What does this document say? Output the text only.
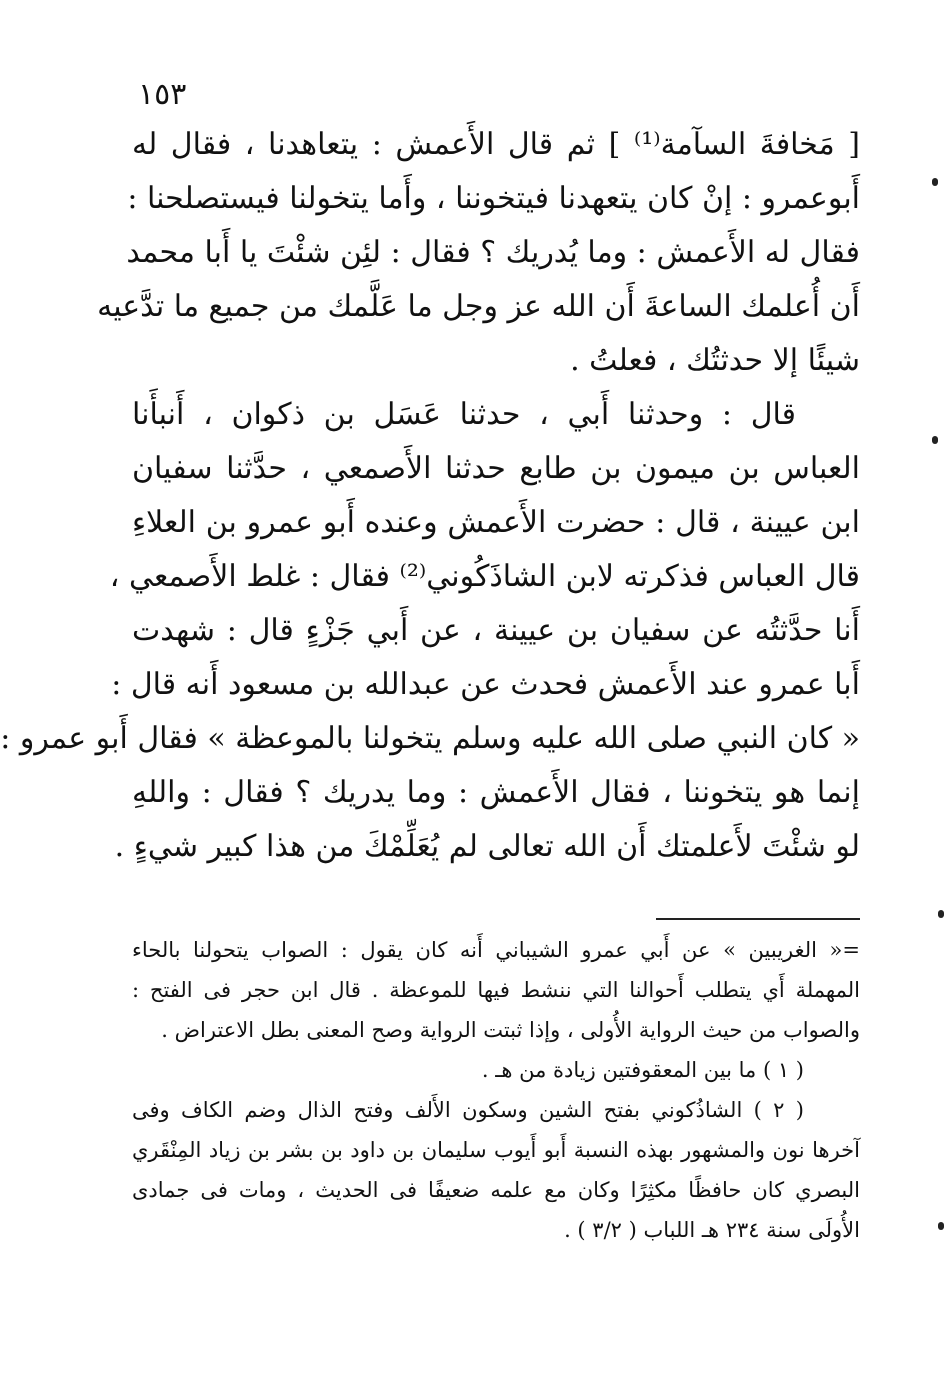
١٥٣
[ مَخافةَ السآمة⁽¹⁾ ] ثم قال الأَعمش : يتعاهدنا ، فقال له
أَبوعمرو : إنْ كان يتعهدنا فيتخوننا ، وأَما يتخولنا فيستصلحنا :
فقال له الأَعمش : وما يُدريك ؟ فقال : لئِن شئْتَ يا أَبا محمد
أَن أُعلمك الساعةَ أَن الله عز وجل ما عَلَّمك من جميع ما تدَّعيه
شيئًا إلا حدثتُك ، فعلتُ .
قال : وحدثنا أَبي ، حدثنا عَسَل بن ذكوان ، أَنبأَنا
العباس بن ميمون بن طابع حدثنا الأَصمعي ، حدَّثنا سفيان
ابن عيينة ، قال : حضرت الأَعمش وعنده أَبو عمرو بن العلاءِ
قال العباس فذكرته لابن الشاذَكُوني⁽²⁾ فقال : غلط الأَصمعي ،
أَنا حدَّثتُه عن سفيان بن عيينة ، عن أَبي جَزْءٍ قال : شهدت
أَبا عمرو عند الأَعمش فحدث عن عبدالله بن مسعود أَنه قال :
« كان النبي صلى الله عليه وسلم يتخولنا بالموعظة » فقال أَبو عمرو :
إنما هو يتخوننا ، فقال الأَعمش : وما يدريك ؟ فقال : واللهِ
لو شئْتَ لأَعلمتك أَن الله تعالى لم يُعَلِّمْكَ من هذا كبير شيءٍ .
=« الغريبين » عن أَبي عمرو الشيباني أَنه كان يقول : الصواب يتحولنا بالحاء
المهملة أَي يتطلب أَحوالنا التي ننشط فيها للموعظة . قال ابن حجر فى الفتح :
والصواب من حيث الرواية الأُولى ، وإذا ثبتت الرواية وصح المعنى بطل الاعتراض .
( ١ ) ما بين المعقوفتين زيادة من هـ .
( ٢ ) الشاذُكوني بفتح الشين وسكون الأَلف وفتح الذال وضم الكاف وفى
آخرها نون والمشهور بهذه النسبة أَبو أَيوب سليمان بن داود بن بشر بن زياد المِنْقَري
البصري كان حافظًا مكثِرًا وكان مع علمه ضعيفًا فى الحديث ، ومات فى جمادى
الأُولَى سنة ٢٣٤ هـ اللباب ( ٣/٢ ) .
